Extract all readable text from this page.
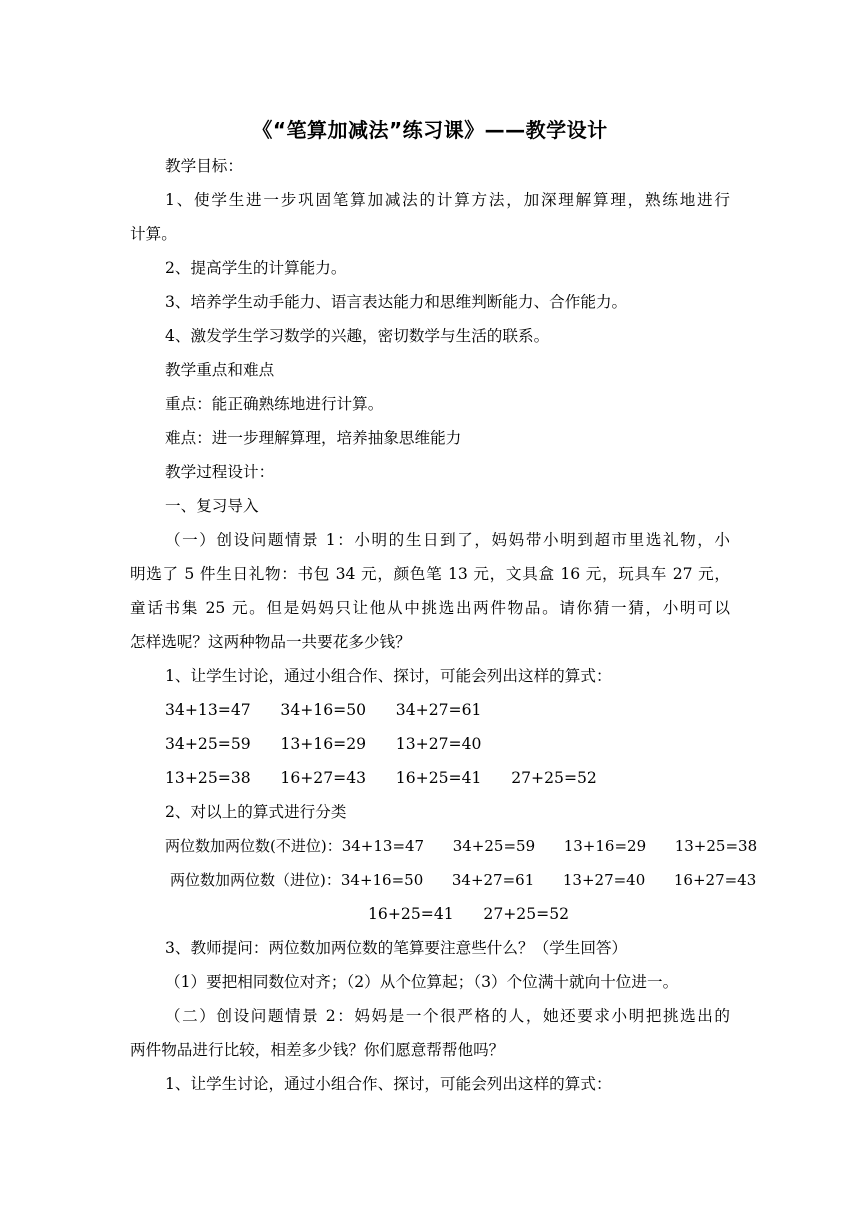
《“笔算加减法”练习课》——教学设计
教学目标：
1、使学生进一步巩固笔算加减法的计算方法，加深理解算理，熟练地进行
计算。
2、提高学生的计算能力。
3、培养学生动手能力、语言表达能力和思维判断能力、合作能力。
4、激发学生学习数学的兴趣，密切数学与生活的联系。
教学重点和难点
重点：能正确熟练地进行计算。
难点：进一步理解算理，培养抽象思维能力
教学过程设计：
一、复习导入
（一）创设问题情景 1：小明的生日到了，妈妈带小明到超市里选礼物，小
明选了 5 件生日礼物：书包 34 元，颜色笔 13 元，文具盒 16 元，玩具车 27 元，
童话书集 25 元。但是妈妈只让他从中挑选出两件物品。请你猜一猜，小明可以
怎样选呢？这两种物品一共要花多少钱？
1、让学生讨论，通过小组合作、探讨，可能会列出这样的算式：
34+13=47      34+16=50      34+27=61
34+25=59      13+16=29      13+27=40
13+25=38      16+27=43      16+25=41      27+25=52
2、对以上的算式进行分类
两位数加两位数(不进位)：34+13=47      34+25=59      13+16=29      13+25=38
两位数加两位数（进位)：34+16=50      34+27=61      13+27=40      16+27=43
16+25=41      27+25=52
3、教师提问：两位数加两位数的笔算要注意些什么？（学生回答）
（1）要把相同数位对齐；（2）从个位算起；（3）个位满十就向十位进一。
（二）创设问题情景 2：妈妈是一个很严格的人，她还要求小明把挑选出的
两件物品进行比较，相差多少钱？你们愿意帮帮他吗？
1、让学生讨论，通过小组合作、探讨，可能会列出这样的算式：
